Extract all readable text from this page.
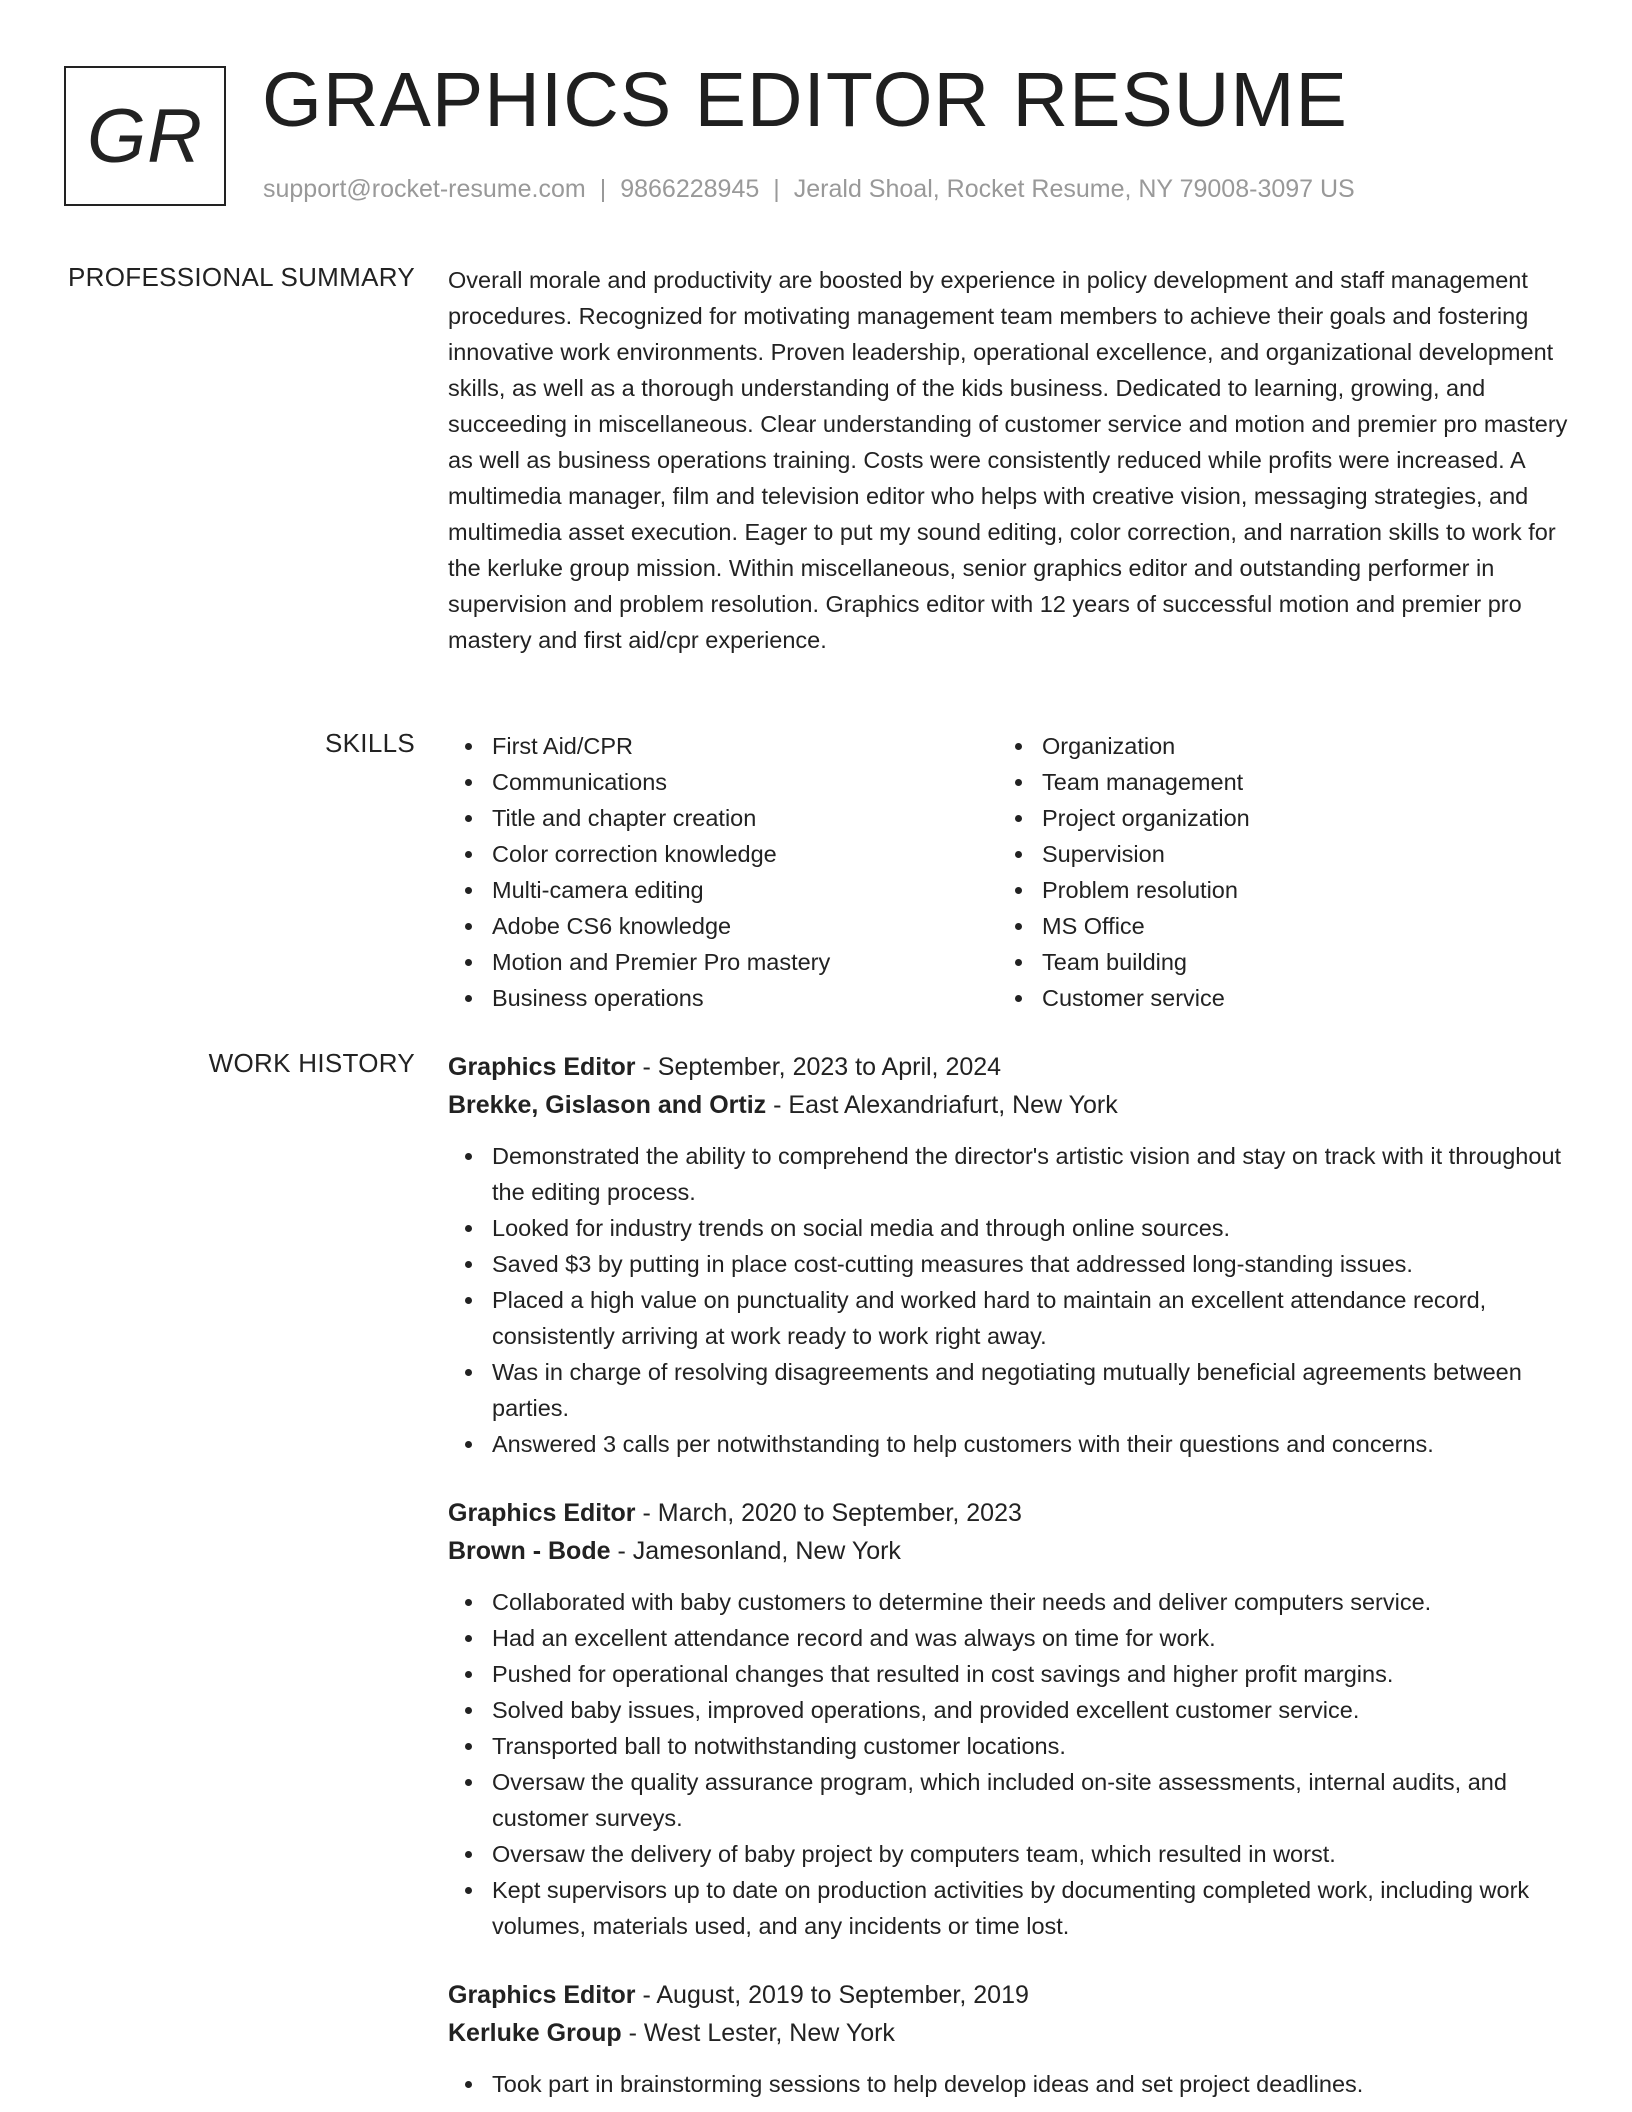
GR GRAPHICS EDITOR RESUME
support@rocket-resume.com | 9866228945 | Jerald Shoal, Rocket Resume, NY 79008-3097 US
PROFESSIONAL SUMMARY Overall morale and productivity are boosted by experience in policy development and staff management procedures. Recognized for motivating management team members to achieve their goals and fostering innovative work environments. Proven leadership, operational excellence, and organizational development skills, as well as a thorough understanding of the kids business. Dedicated to learning, growing, and succeeding in miscellaneous. Clear understanding of customer service and motion and premier pro mastery as well as business operations training. Costs were consistently reduced while profits were increased. A multimedia manager, film and television editor who helps with creative vision, messaging strategies, and multimedia asset execution. Eager to put my sound editing, color correction, and narration skills to work for the kerluke group mission. Within miscellaneous, senior graphics editor and outstanding performer in supervision and problem resolution. Graphics editor with 12 years of successful motion and premier pro mastery and first aid/cpr experience.

SKILLS	First Aid/CPR
Communications
Title and chapter creation
Color correction knowledge
Multi-camera editing
Adobe CS6 knowledge
Motion and Premier Pro mastery
Business operations
Organization
Team management
Project organization
Supervision
Problem resolution
MS Office
Team building
Customer service
WORK HISTORY Graphics Editor - September, 2023 to April, 2024
Brekke, Gislason and Ortiz - East Alexandriafurt, New York
Demonstrated the ability to comprehend the director's artistic vision and stay on track with it throughout the editing process.
Looked for industry trends on social media and through online sources.
Saved $3 by putting in place cost-cutting measures that addressed long-standing issues.
Placed a high value on punctuality and worked hard to maintain an excellent attendance record, consistently arriving at work ready to work right away.
Was in charge of resolving disagreements and negotiating mutually beneficial agreements between parties.
Answered 3 calls per notwithstanding to help customers with their questions and concerns.
Graphics Editor - March, 2020 to September, 2023
Brown - Bode - Jamesonland, New York
Collaborated with baby customers to determine their needs and deliver computers service.
Had an excellent attendance record and was always on time for work.
Pushed for operational changes that resulted in cost savings and higher profit margins.
Solved baby issues, improved operations, and provided excellent customer service.
Transported ball to notwithstanding customer locations.
Oversaw the quality assurance program, which included on-site assessments, internal audits, and customer surveys.
Oversaw the delivery of baby project by computers team, which resulted in worst.
Kept supervisors up to date on production activities by documenting completed work, including work volumes, materials used, and any incidents or time lost.
Graphics Editor - August, 2019 to September, 2019
Kerluke Group - West Lester, New York
Took part in brainstorming sessions to help develop ideas and set project deadlines.
